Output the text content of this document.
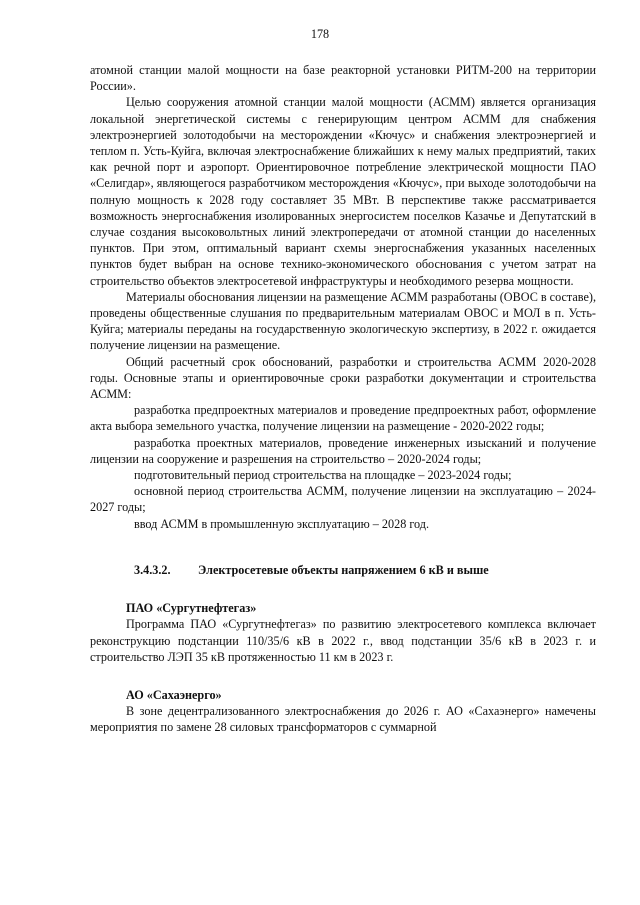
178

атомной станции малой мощности на базе реакторной установки РИТМ-200 на территории России».

Целью сооружения атомной станции малой мощности (АСММ) является организация локальной энергетической системы с генерирующим центром АСММ для снабжения электроэнергией золотодобычи на месторождении «Кючус» и снабжения электроэнергией и теплом п. Усть-Куйга, включая электроснабжение ближайших к нему малых предприятий, таких как речной порт и аэропорт. Ориентировочное потребление электрической мощности ПАО «Селигдар», являющегося разработчиком месторождения «Кючус», при выходе золотодобычи на полную мощность к 2028 году составляет 35 МВт. В перспективе также рассматривается возможность энергоснабжения изолированных энергосистем поселков Казачье и Депутатский в случае создания высоковольтных линий электропередачи от атомной станции до населенных пунктов. При этом, оптимальный вариант схемы энергоснабжения указанных населенных пунктов будет выбран на основе технико-экономического обоснования с учетом затрат на строительство объектов электросетевой инфраструктуры и необходимого резерва мощности.

Материалы обоснования лицензии на размещение АСММ разработаны (ОВОС в составе), проведены общественные слушания по предварительным материалам ОВОС и МОЛ в п. Усть-Куйга; материалы переданы на государственную экологическую экспертизу, в 2022 г. ожидается получение лицензии на размещение.

Общий расчетный срок обоснований, разработки и строительства АСММ 2020-2028 годы. Основные этапы и ориентировочные сроки разработки документации и строительства АСММ:

разработка предпроектных материалов и проведение предпроектных работ, оформление акта выбора земельного участка, получение лицензии на размещение - 2020-2022 годы;

разработка проектных материалов, проведение инженерных изысканий и получение лицензии на сооружение и разрешения на строительство – 2020-2024 годы;

подготовительный период строительства на площадке – 2023-2024 годы;

основной период строительства АСММ, получение лицензии на эксплуатацию – 2024-2027 годы;

ввод АСММ в промышленную эксплуатацию – 2028 год.

3.4.3.2.	Электросетевые объекты напряжением 6 кВ и выше

ПАО «Сургутнефтегаз»

Программа ПАО «Сургутнефтегаз» по развитию электросетевого комплекса включает реконструкцию подстанции 110/35/6 кВ в 2022 г., ввод подстанции 35/6 кВ в 2023 г. и строительство ЛЭП 35 кВ протяженностью 11 км в 2023 г.

АО «Сахаэнерго»

В зоне децентрализованного электроснабжения до 2026 г. АО «Сахаэнерго» намечены мероприятия по замене 28 силовых трансформаторов с суммарной
